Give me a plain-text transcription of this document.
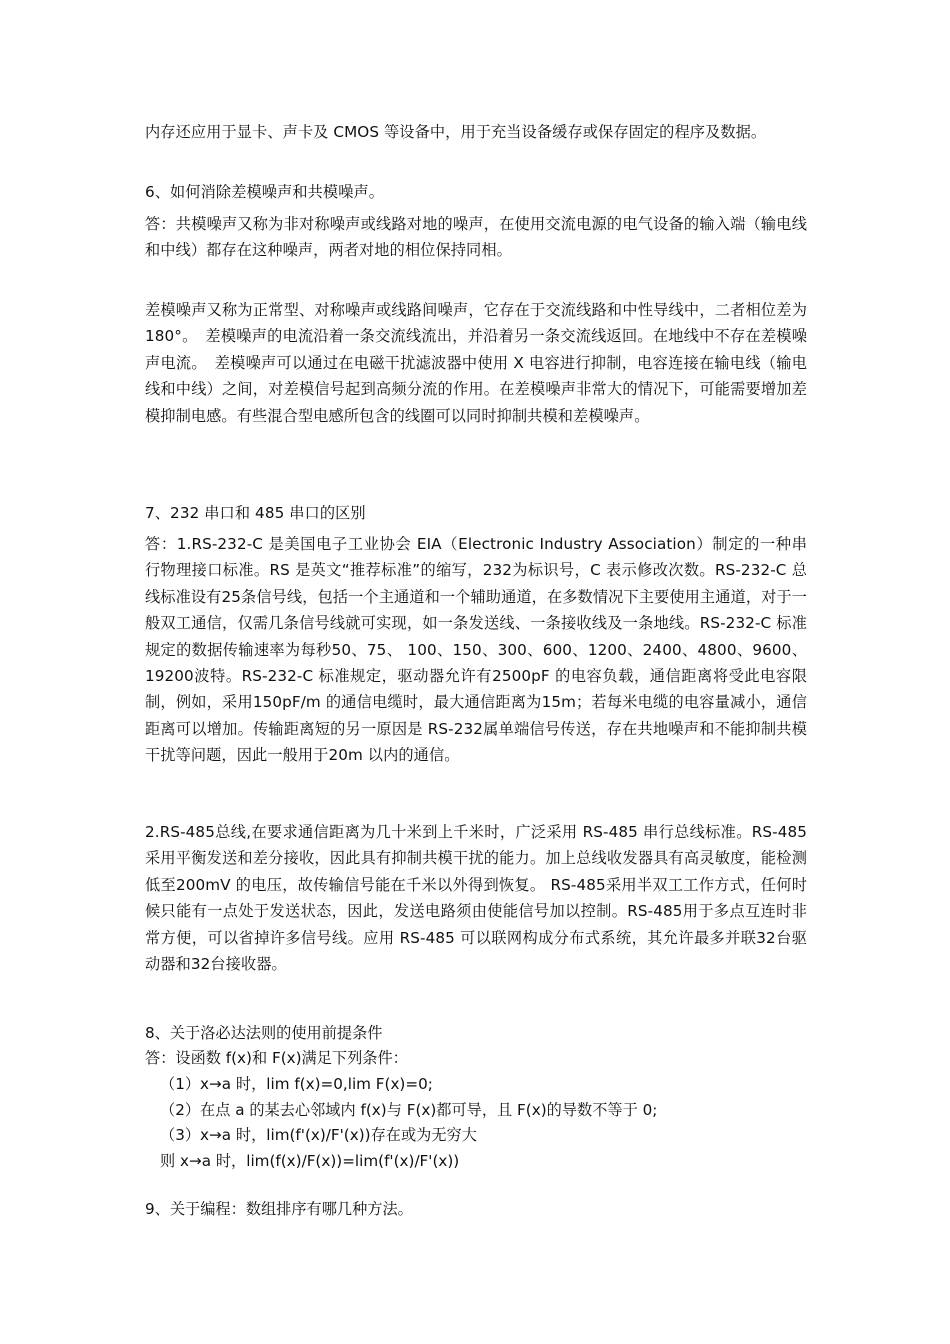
内存还应用于显卡、声卡及 CMOS 等设备中，用于充当设备缓存或保存固定的程序及数据。

6、如何消除差模噪声和共模噪声。

答：共模噪声又称为非对称噪声或线路对地的噪声，在使用交流电源的电气设备的输入端（输电线和中线）都存在这种噪声，两者对地的相位保持同相。

差模噪声又称为正常型、对称噪声或线路间噪声，它存在于交流线路和中性导线中，二者相位差为180°。　差模噪声的电流沿着一条交流线流出，并沿着另一条交流线返回。在地线中不存在差模噪声电流。　差模噪声可以通过在电磁干扰滤波器中使用 X 电容进行抑制，电容连接在输电线（输电线和中线）之间，对差模信号起到高频分流的作用。在差模噪声非常大的情况下，可能需要增加差模抑制电感。有些混合型电感所包含的线圈可以同时抑制共模和差模噪声。

7、232 串口和 485 串口的区别

答：1.RS-232-C 是美国电子工业协会 EIA（Electronic Industry Association）制定的一种串行物理接口标准。RS 是英文“推荐标准”的缩写，232为标识号，C 表示修改次数。RS-232-C 总线标准设有25条信号线，包括一个主通道和一个辅助通道，在多数情况下主要使用主通道，对于一般双工通信，仅需几条信号线就可实现，如一条发送线、一条接收线及一条地线。RS-232-C 标准规定的数据传输速率为每秒50、75、 100、150、300、600、1200、2400、4800、9600、19200波特。RS-232-C 标准规定，驱动器允许有2500pF 的电容负载，通信距离将受此电容限制，例如，采用150pF/m 的通信电缆时，最大通信距离为15m；若每米电缆的电容量减小，通信距离可以增加。传输距离短的另一原因是 RS-232属单端信号传送，存在共地噪声和不能抑制共模干扰等问题，因此一般用于20m 以内的通信。

2.RS-485总线,在要求通信距离为几十米到上千米时，广泛采用 RS-485 串行总线标准。RS-485采用平衡发送和差分接收，因此具有抑制共模干扰的能力。加上总线收发器具有高灵敏度，能检测低至200mV 的电压，故传输信号能在千米以外得到恢复。 RS-485采用半双工工作方式，任何时候只能有一点处于发送状态，因此，发送电路须由使能信号加以控制。RS-485用于多点互连时非常方便，可以省掉许多信号线。应用 RS-485 可以联网构成分布式系统，其允许最多并联32台驱动器和32台接收器。

8、关于洛必达法则的使用前提条件

答：设函数 f(x)和 F(x)满足下列条件：

（1）x→a 时，lim f(x)=0,lim F(x)=0;

（2）在点 a 的某去心邻域内 f(x)与 F(x)都可导，且 F(x)的导数不等于 0;

（3）x→a 时，lim(f'(x)/F'(x))存在或为无穷大

则 x→a 时，lim(f(x)/F(x))=lim(f'(x)/F'(x))

9、关于编程：数组排序有哪几种方法。
